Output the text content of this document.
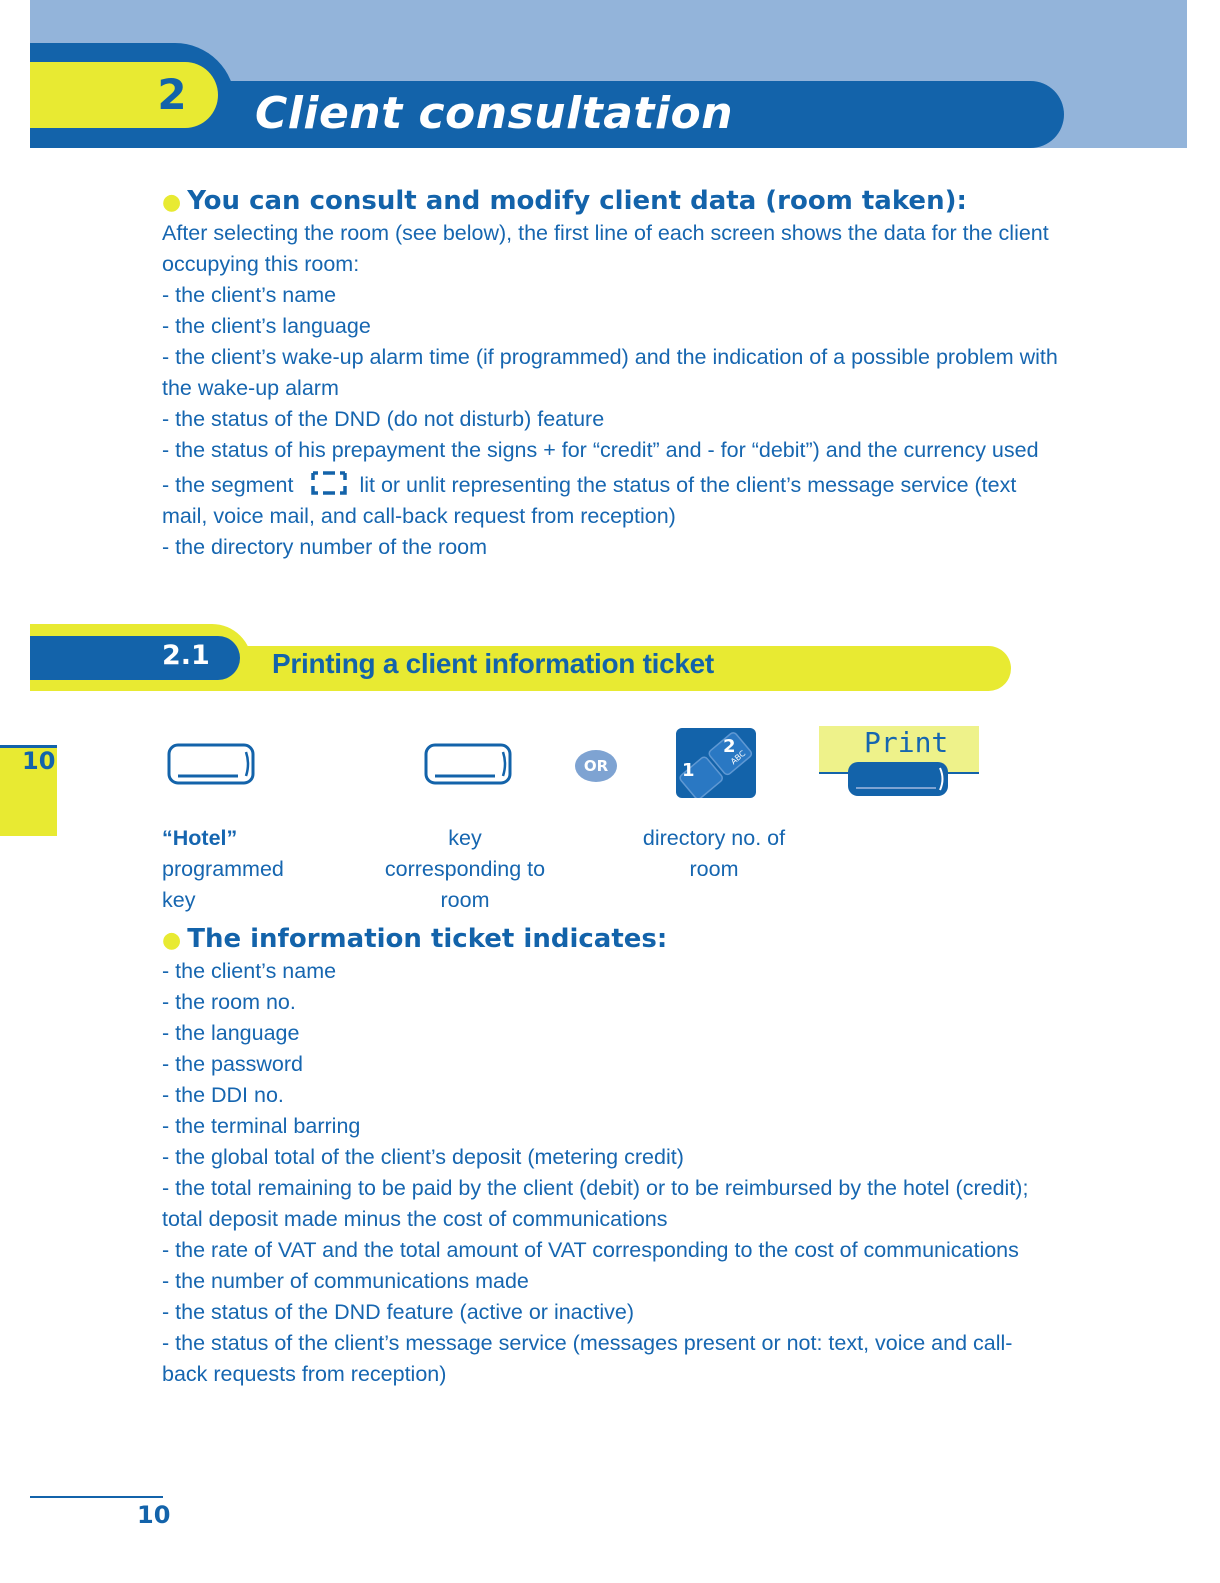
2 Client consultation
● You can consult and modify client data (room taken):

After selecting the room (see below), the first line of each screen shows the data for the client occupying this room:

- the client’s name

- the client’s language

- the client’s wake-up alarm time (if programmed) and the indication of a possible problem with the wake-up alarm

- the status of the DND (do not disturb) feature

- the status of his prepayment the signs + for “credit” and - for “debit”) and the currency used

- the segment	lit or unlit representing the status of the client’s message service (text mail, voice mail, and call-back request from reception)

- the directory number of the room

2.1 Printing a client information ticket
10	OR	1
2
ABC	Print

“Hotel”

programmed

key

key

corresponding to

room

directory no. of

room

● The information ticket indicates:

- the client’s name

- the room no.

- the language

- the password

- the DDI no.

- the terminal barring

- the global total of the client’s deposit (metering credit)

- the total remaining to be paid by the client (debit) or to be reimbursed by the hotel (credit); total deposit made minus the cost of communications

- the rate of VAT and the total amount of VAT corresponding to the cost of communications

- the number of communications made

- the status of the DND feature (active or inactive)

- the status of the client’s message service (messages present or not: text, voice and call-back requests from reception)

10
